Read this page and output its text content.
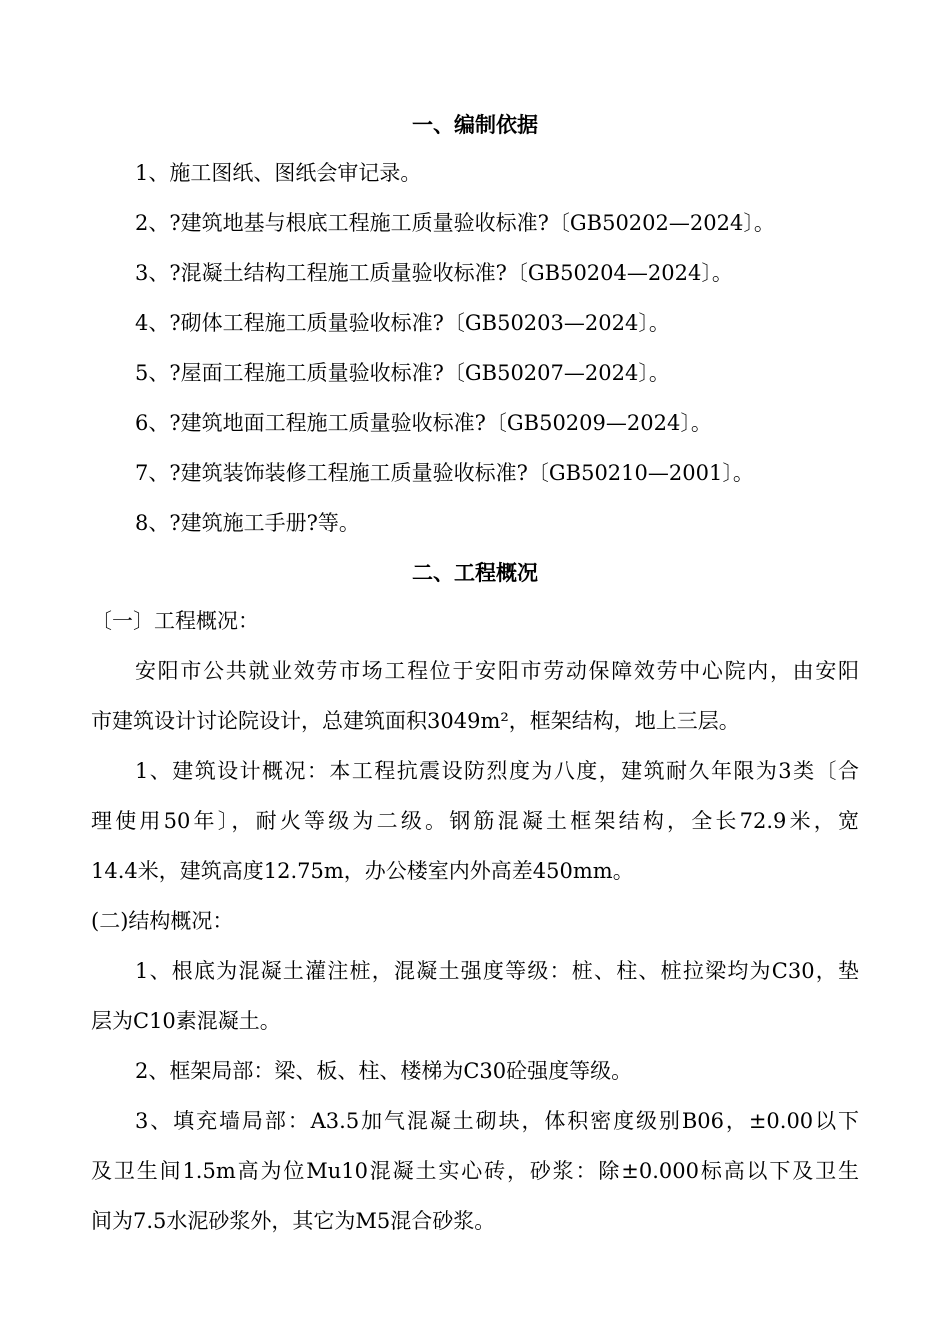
一、编制依据
1、施工图纸、图纸会审记录。
2、?建筑地基与根底工程施工质量验收标准?〔GB50202—2024〕。
3、?混凝土结构工程施工质量验收标准?〔GB50204—2024〕。
4、?砌体工程施工质量验收标准?〔GB50203—2024〕。
5、?屋面工程施工质量验收标准?〔GB50207—2024〕。
6、?建筑地面工程施工质量验收标准?〔GB50209—2024〕。
7、?建筑装饰装修工程施工质量验收标准?〔GB50210—2001〕。
8、?建筑施工手册?等。
二、工程概况
〔一〕工程概况：
安阳市公共就业效劳市场工程位于安阳市劳动保障效劳中心院内，由安阳
市建筑设计讨论院设计，总建筑面积3049m²，框架结构，地上三层。
1、建筑设计概况：本工程抗震设防烈度为八度，建筑耐久年限为3类〔合
理使用50年〕，耐火等级为二级。钢筋混凝土框架结构，全长72.9米，宽
14.4米，建筑高度12.75m，办公楼室内外高差450mm。
(二)结构概况：
1、根底为混凝土灌注桩，混凝土强度等级：桩、柱、桩拉梁均为C30，垫
层为C10素混凝土。
2、框架局部：梁、板、柱、楼梯为C30砼强度等级。
3、填充墙局部：A3.5加气混凝土砌块，体积密度级别B06，±0.00以下
及卫生间1.5m高为位Mu10混凝土实心砖，砂浆：除±0.000标高以下及卫生
间为7.5水泥砂浆外，其它为M5混合砂浆。
